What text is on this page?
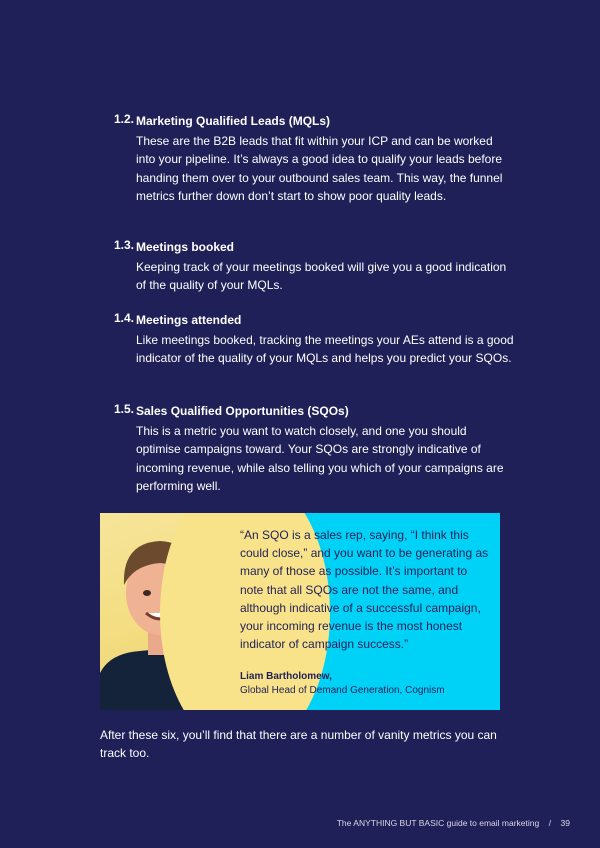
1.2. Marketing Qualified Leads (MQLs)
These are the B2B leads that fit within your ICP and can be worked into your pipeline. It’s always a good idea to qualify your leads before handing them over to your outbound sales team. This way, the funnel metrics further down don’t start to show poor quality leads.
1.3. Meetings booked
Keeping track of your meetings booked will give you a good indication of the quality of your MQLs.
1.4. Meetings attended
Like meetings booked, tracking the meetings your AEs attend is a good indicator of the quality of your MQLs and helps you predict your SQOs.
1.5. Sales Qualified Opportunities (SQOs)
This is a metric you want to watch closely, and one you should optimise campaigns toward. Your SQOs are strongly indicative of incoming revenue, while also telling you which of your campaigns are performing well.
“An SQO is a sales rep, saying, “I think this could close,” and you want to be generating as many of those as possible. It’s important to note that all SQOs are not the same, and although indicative of a successful campaign, your incoming revenue is the most honest indicator of campaign success.”
Liam Bartholomew,
Global Head of Demand Generation, Cognism
After these six, you’ll find that there are a number of vanity metrics you can track too.
The ANYTHING BUT BASIC guide to email marketing / 39
